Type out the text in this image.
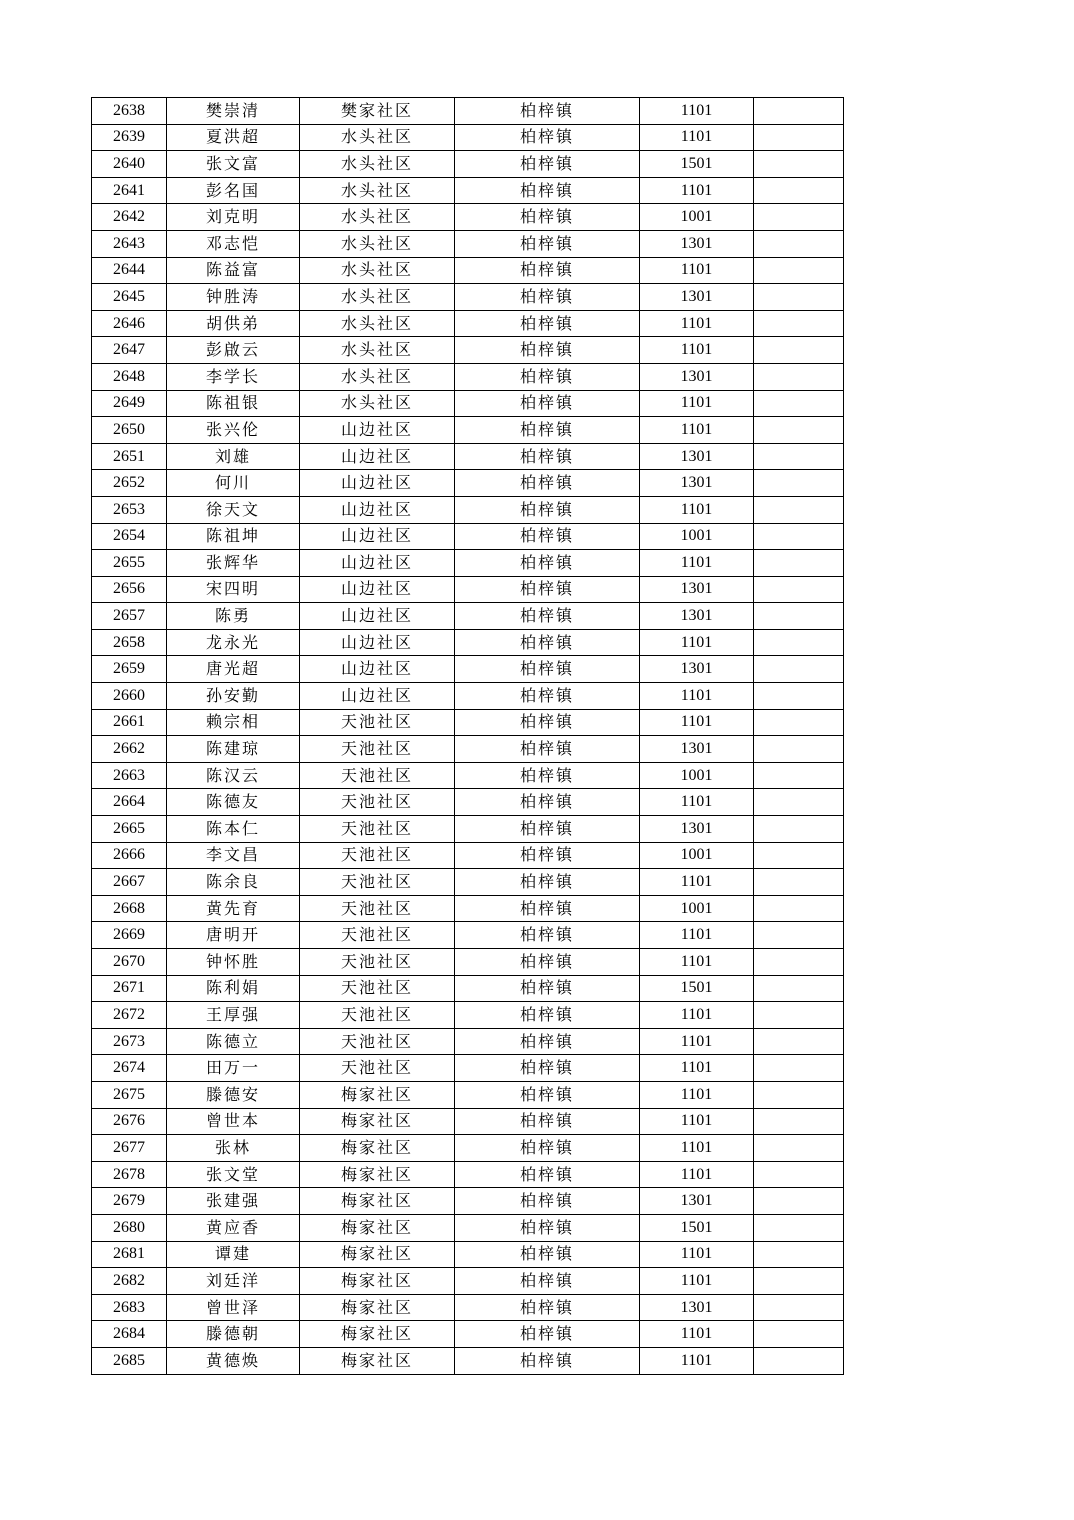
2638	樊崇清	樊家社区	柏梓镇	1101	
2639	夏洪超	水头社区	柏梓镇	1101	
2640	张文富	水头社区	柏梓镇	1501	
2641	彭名国	水头社区	柏梓镇	1101	
2642	刘克明	水头社区	柏梓镇	1001	
2643	邓志恺	水头社区	柏梓镇	1301	
2644	陈益富	水头社区	柏梓镇	1101	
2645	钟胜涛	水头社区	柏梓镇	1301	
2646	胡供弟	水头社区	柏梓镇	1101	
2647	彭啟云	水头社区	柏梓镇	1101	
2648	李学长	水头社区	柏梓镇	1301	
2649	陈祖银	水头社区	柏梓镇	1101	
2650	张兴伦	山边社区	柏梓镇	1101	
2651	刘雄	山边社区	柏梓镇	1301	
2652	何川	山边社区	柏梓镇	1301	
2653	徐天文	山边社区	柏梓镇	1101	
2654	陈祖坤	山边社区	柏梓镇	1001	
2655	张辉华	山边社区	柏梓镇	1101	
2656	宋四明	山边社区	柏梓镇	1301	
2657	陈勇	山边社区	柏梓镇	1301	
2658	龙永光	山边社区	柏梓镇	1101	
2659	唐光超	山边社区	柏梓镇	1301	
2660	孙安勤	山边社区	柏梓镇	1101	
2661	赖宗相	天池社区	柏梓镇	1101	
2662	陈建琼	天池社区	柏梓镇	1301	
2663	陈汉云	天池社区	柏梓镇	1001	
2664	陈德友	天池社区	柏梓镇	1101	
2665	陈本仁	天池社区	柏梓镇	1301	
2666	李文昌	天池社区	柏梓镇	1001	
2667	陈余良	天池社区	柏梓镇	1101	
2668	黄先育	天池社区	柏梓镇	1001	
2669	唐明开	天池社区	柏梓镇	1101	
2670	钟怀胜	天池社区	柏梓镇	1101	
2671	陈利娟	天池社区	柏梓镇	1501	
2672	王厚强	天池社区	柏梓镇	1101	
2673	陈德立	天池社区	柏梓镇	1101	
2674	田万一	天池社区	柏梓镇	1101	
2675	滕德安	梅家社区	柏梓镇	1101	
2676	曾世本	梅家社区	柏梓镇	1101	
2677	张林	梅家社区	柏梓镇	1101	
2678	张文堂	梅家社区	柏梓镇	1101	
2679	张建强	梅家社区	柏梓镇	1301	
2680	黄应香	梅家社区	柏梓镇	1501	
2681	谭建	梅家社区	柏梓镇	1101	
2682	刘廷洋	梅家社区	柏梓镇	1101	
2683	曾世泽	梅家社区	柏梓镇	1301	
2684	滕德朝	梅家社区	柏梓镇	1101	
2685	黄德焕	梅家社区	柏梓镇	1101	
